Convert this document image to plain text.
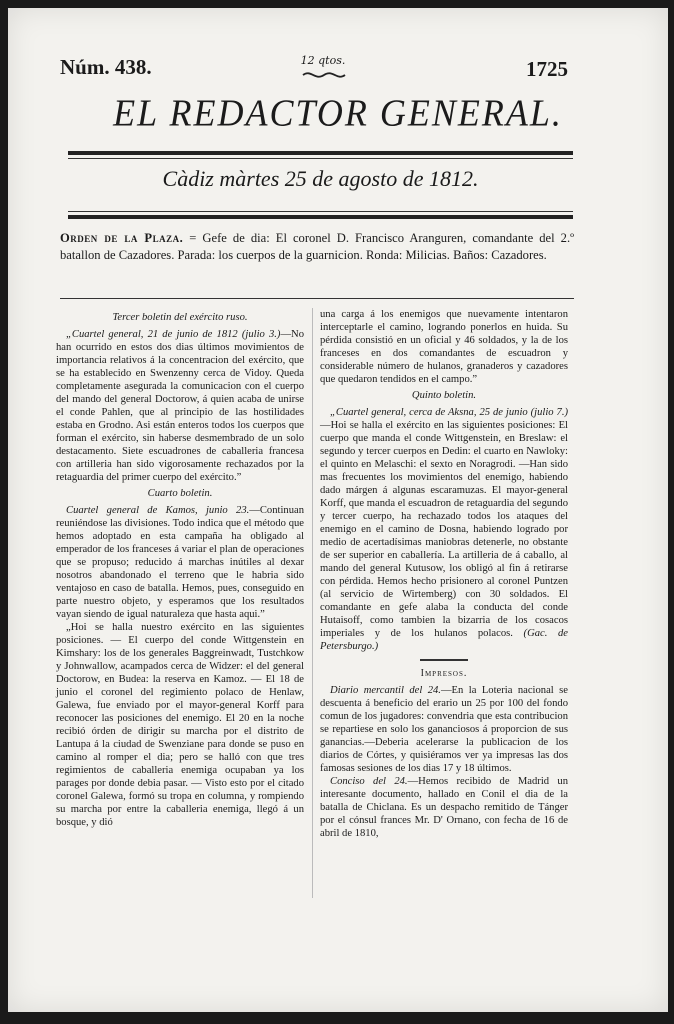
Núm. 438.	12 qtos.	1725
EL REDACTOR GENERAL.
Càdiz màrtes 25 de agosto de 1812.
Orden de la Plaza. = Gefe de dia: El coronel D. Francisco Aranguren, comandante del 2.º batallon de Cazadores. Parada: los cuerpos de la guarnicion. Ronda: Milicias. Baños: Cazadores.

Tercer boletin del exército ruso.

„Cuartel general, 21 de junio de 1812 (julio 3.)—No han ocurrido en estos dos dias últimos movimientos de importancia relativos á la concentracion del exército, que se ha establecido en Swenzenny cerca de Vidoy. Queda completamente asegurada la comunicacion con el cuerpo del mando del general Doctorow, á quien acaba de unirse el conde Pahlen, que al principio de las hostilidades estaba en Grodno. Asi están enteros todos los cuerpos que forman el exército, sin haberse desmembrado de un solo destacamento. Siete escuadrones de caballeria francesa con artilleria han sido vigorosamente rechazados por la retaguardia del primer cuerpo del exército.”

Cuarto boletin.

Cuartel general de Kamos, junio 23.—Continuan reuniéndose las divisiones. Todo indica que el método que hemos adoptado en esta campaña ha obligado al emperador de los franceses á variar el plan de operaciones que se propuso; reducido á marchas inútiles al dexar nosotros abandonado el terreno que le habria sido ventajoso en caso de batalla. Hemos, pues, conseguido en parte nuestro objeto, y esperamos que los resultados vayan siendo de igual naturaleza que hasta aqui.”

„Hoi se halla nuestro exército en las siguientes posiciones. — El cuerpo del conde Wittgenstein en Kimshary: los de los generales Baggreinwadt, Tustchkow y Johnwallow, acampados cerca de Widzer: el del general Doctorow, en Budea: la reserva en Kamoz. — El 18 de junio el coronel del regimiento polaco de Henlaw, Galewa, fue enviado por el mayor-general Korff para reconocer las posiciones del enemigo. El 20 en la noche recibió órden de dirigir su marcha por el distrito de Lantupa á la ciudad de Swenziane para donde se puso en camino al romper el dia; pero se halló con que tres regimientos de caballeria enemiga ocupaban ya los parages por donde debia pasar. — Visto esto por el citado coronel Galewa, formó su tropa en columna, y rompiendo su marcha por entre la caballeria enemiga, llegó á un bosque, y dió

una carga á los enemigos que nuevamente intentaron interceptarle el camino, logrando ponerlos en huida. Su pérdida consistió en un oficial y 46 soldados, y la de los franceses en dos comandantes de escuadron y considerable número de hulanos, granaderos y cazadores que quedaron tendidos en el campo.”

Quinto boletin.

„Cuartel general, cerca de Aksna, 25 de junio (julio 7.)—Hoi se halla el exército en las siguientes posiciones: El cuerpo que manda el conde Wittgenstein, en Breslaw: el segundo y tercer cuerpos en Dedin: el cuarto en Nawloky: el quinto en Melaschi: el sexto en Noragrodi. —Han sido mas frecuentes los movimientos del enemigo, habiendo dado márgen á algunas escaramuzas. El mayor-general Korff, que manda el escuadron de retaguardia del segundo y tercer cuerpo, ha rechazado todos los ataques del enemigo en el camino de Dosna, habiendo logrado por medio de acertadísimas maniobras detenerle, no obstante de ser superior en caballería. La artilleria de á caballo, al mando del general Kutusow, los obligó al fin á retirarse con pérdida. Hemos hecho prisionero al coronel Puntzen (al servicio de Wirtemberg) con 30 soldados. El comandante en gefe alaba la conducta del conde Hutaisoff, como tambien la bizarria de los cosacos imperiales y de los hulanos polacos. (Gac. de Petersburgo.)

Impresos.

Diario mercantil del 24.—En la Loteria nacional se descuenta á beneficio del erario un 25 por 100 del fondo comun de los jugadores: convendria que esta contribucion se repartiese en solo los gananciosos á proporcion de sus ganancias.—Deberia acelerarse la publicacion de los diarios de Córtes, y quisiéramos ver ya impresas las dos famosas sesiones de los dias 17 y 18 últimos.

Conciso del 24.—Hemos recibido de Madrid un interesante documento, hallado en Conil el dia de la batalla de Chiclana. Es un despacho remitido de Tánger por el cónsul frances Mr. D' Ornano, con fecha de 16 de abril de 1810,
